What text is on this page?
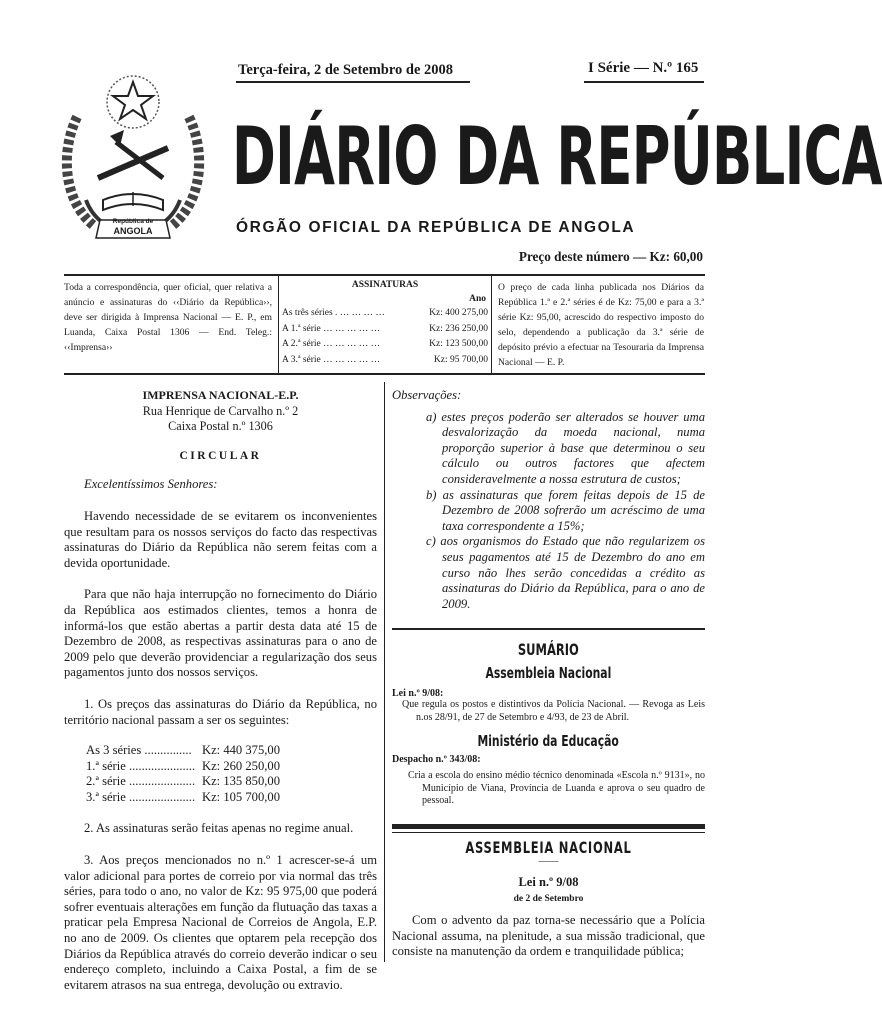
República de
ANGOLA
Terça-feira, 2 de Setembro de 2008	I Série — N.º 165
DIÁRIO DA REPÚBLICA
ÓRGÃO OFICIAL DA REPÚBLICA DE ANGOLA
Preço deste número — Kz: 60,00
Toda a correspondência, quer oficial, quer relativa a anúncio e assinaturas do ‹‹Diário da República››, deve ser dirigida à Imprensa Nacional — E. P., em Luanda, Caixa Postal 1306 — End. Teleg.: ‹‹Imprensa››
ASSINATURAS
Ano
As três séries . … … … …	Kz: 400 275,00
A 1.ª série … … … … …	Kz: 236 250,00
A 2.ª série … … … … …	Kz: 123 500,00
A 3.ª série … … … … …	Kz: 95 700,00
O preço de cada linha publicada nos Diários da República 1.ª e 2.ª séries é de Kz: 75,00 e para a 3.ª série Kz: 95,00, acrescido do respectivo imposto do selo, dependendo a publicação da 3.ª série de depósito prévio a efectuar na Tesouraria da Imprensa Nacional — E. P.
IMPRENSA NACIONAL-E.P.
Rua Henrique de Carvalho n.º 2
Caixa Postal n.º 1306
CIRCULAR

Excelentíssimos Senhores:

Havendo necessidade de se evitarem os inconvenientes que resultam para os nossos serviços do facto das respectivas assinaturas do Diário da República não serem feitas com a devida oportunidade.

Para que não haja interrupção no fornecimento do Diário da República aos estimados clientes, temos a honra de informá-los que estão abertas a partir desta data até 15 de Dezembro de 2008, as respectivas assinaturas para o ano de 2009 pelo que deverão providenciar a regularização dos seus pagamentos junto dos nossos serviços.

1. Os preços das assinaturas do Diário da República, no território nacional passam a ser os seguintes:

As 3 séries ............... Kz: 440 375,00
1.ª série ..................... Kz: 260 250,00
2.ª série ..................... Kz: 135 850,00
3.ª série ..................... Kz: 105 700,00

2. As assinaturas serão feitas apenas no regime anual.

3. Aos preços mencionados no n.º 1 acrescer-se-á um valor adicional para portes de correio por via normal das três séries, para todo o ano, no valor de Kz: 95 975,00 que poderá sofrer eventuais alterações em função da flutuação das taxas a praticar pela Empresa Nacional de Correios de Angola, E.P. no ano de 2009. Os clientes que optarem pela recepção dos Diários da República através do correio deverão indicar o seu endereço completo, incluindo a Caixa Postal, a fim de se evitarem atrasos na sua entrega, devolução ou extravio.

Observações:

a) estes preços poderão ser alterados se houver uma desvalorização da moeda nacional, numa proporção superior à base que determinou o seu cálculo ou outros factores que afectem consideravelmente a nossa estrutura de custos;

b) as assinaturas que forem feitas depois de 15 de Dezembro de 2008 sofrerão um acréscimo de uma taxa correspondente a 15%;

c) aos organismos do Estado que não regularizem os seus pagamentos até 15 de Dezembro do ano em curso não lhes serão concedidas a crédito as assinaturas do Diário da República, para o ano de 2009.

SUMÁRIO
Assembleia Nacional
Lei n.º 9/08:
Que regula os postos e distintivos da Polícia Nacional. — Revoga as Leis n.os 28/91, de 27 de Setembro e 4/93, de 23 de Abril.
Ministério da Educação
Despacho n.º 343/08:
Cria a escola do ensino médio técnico denominada «Escola n.º 9131», no Município de Viana, Província de Luanda e aprova o seu quadro de pessoal.
ASSEMBLEIA NACIONAL
——
Lei n.º 9/08
de 2 de Setembro

Com o advento da paz torna-se necessário que a Polícia Nacional assuma, na plenitude, a sua missão tradicional, que consiste na manutenção da ordem e tranquilidade pública;
